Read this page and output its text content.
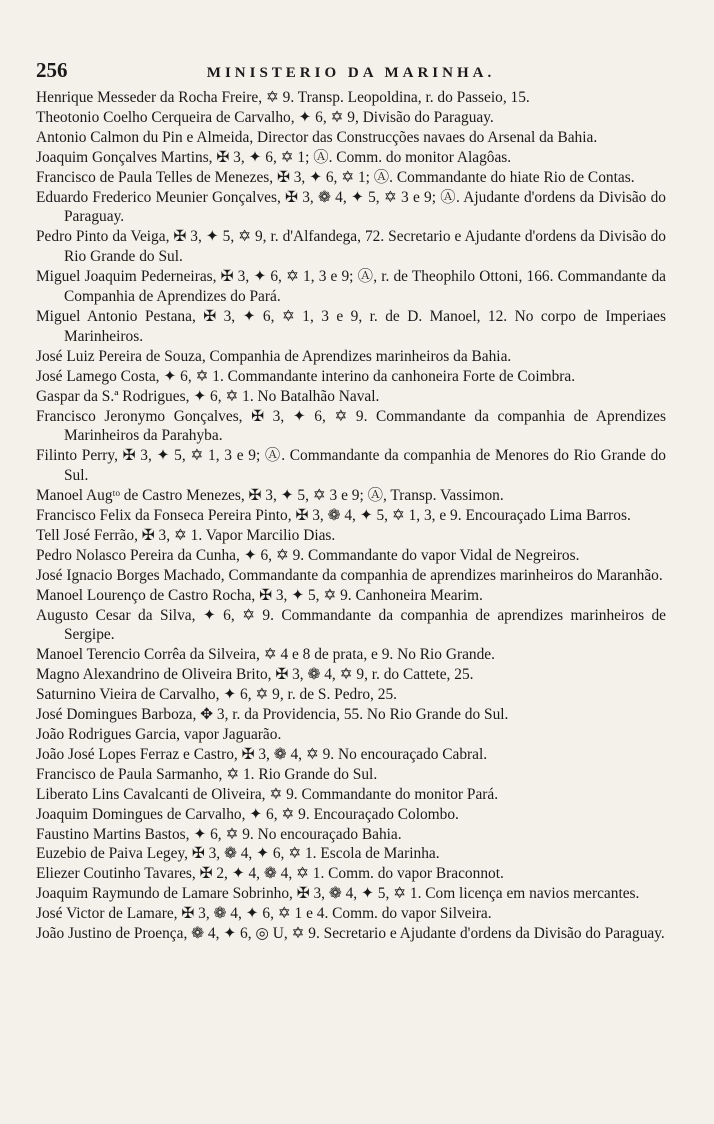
256	MINISTERIO DA MARINHA.
Henrique Messeder da Rocha Freire, ✡ 9. Transp. Leopoldina, r. do Passeio, 15.
Theotonio Coelho Cerqueira de Carvalho, ✦ 6, ✡ 9, Divisão do Paraguay.
Antonio Calmon du Pin e Almeida, Director das Construcções navaes do Arsenal da Bahia.
Joaquim Gonçalves Martins, ✠ 3, ✦ 6, ✡ 1; Ⓐ. Comm. do monitor Alagôas.
Francisco de Paula Telles de Menezes, ✠ 3, ✦ 6, ✡ 1; Ⓐ. Commandante do hiate Rio de Contas.
Eduardo Frederico Meunier Gonçalves, ✠ 3, ❁ 4, ✦ 5, ✡ 3 e 9; Ⓐ. Ajudante d'ordens da Divisão do Paraguay.
Pedro Pinto da Veiga, ✠ 3, ✦ 5, ✡ 9, r. d'Alfandega, 72. Secretario e Ajudante d'ordens da Divisão do Rio Grande do Sul.
Miguel Joaquim Pederneiras, ✠ 3, ✦ 6, ✡ 1, 3 e 9; Ⓐ, r. de Theophilo Ottoni, 166. Commandante da Companhia de Aprendizes do Pará.
Miguel Antonio Pestana, ✠ 3, ✦ 6, ✡ 1, 3 e 9, r. de D. Manoel, 12. No corpo de Imperiaes Marinheiros.
José Luiz Pereira de Souza, Companhia de Aprendizes marinheiros da Bahia.
José Lamego Costa, ✦ 6, ✡ 1. Commandante interino da canhoneira Forte de Coimbra.
Gaspar da S.ª Rodrigues, ✦ 6, ✡ 1. No Batalhão Naval.
Francisco Jeronymo Gonçalves, ✠ 3, ✦ 6, ✡ 9. Commandante da companhia de Aprendizes Marinheiros da Parahyba.
Filinto Perry, ✠ 3, ✦ 5, ✡ 1, 3 e 9; Ⓐ. Commandante da companhia de Menores do Rio Grande do Sul.
Manoel Augᵗᵒ de Castro Menezes, ✠ 3, ✦ 5, ✡ 3 e 9; Ⓐ, Transp. Vassimon.
Francisco Felix da Fonseca Pereira Pinto, ✠ 3, ❁ 4, ✦ 5, ✡ 1, 3, e 9. Encouraçado Lima Barros.
Tell José Ferrão, ✠ 3, ✡ 1. Vapor Marcilio Dias.
Pedro Nolasco Pereira da Cunha, ✦ 6, ✡ 9. Commandante do vapor Vidal de Negreiros.
José Ignacio Borges Machado, Commandante da companhia de aprendizes marinheiros do Maranhão.
Manoel Lourenço de Castro Rocha, ✠ 3, ✦ 5, ✡ 9. Canhoneira Mearim.
Augusto Cesar da Silva, ✦ 6, ✡ 9. Commandante da companhia de aprendizes marinheiros de Sergipe.
Manoel Terencio Corrêa da Silveira, ✡ 4 e 8 de prata, e 9. No Rio Grande.
Magno Alexandrino de Oliveira Brito, ✠ 3, ❁ 4, ✡ 9, r. do Cattete, 25.
Saturnino Vieira de Carvalho, ✦ 6, ✡ 9, r. de S. Pedro, 25.
José Domingues Barboza, ✥ 3, r. da Providencia, 55. No Rio Grande do Sul.
João Rodrigues Garcia, vapor Jaguarão.
João José Lopes Ferraz e Castro, ✠ 3, ❁ 4, ✡ 9. No encouraçado Cabral.
Francisco de Paula Sarmanho, ✡ 1. Rio Grande do Sul.
Liberato Lins Cavalcanti de Oliveira, ✡ 9. Commandante do monitor Pará.
Joaquim Domingues de Carvalho, ✦ 6, ✡ 9. Encouraçado Colombo.
Faustino Martins Bastos, ✦ 6, ✡ 9. No encouraçado Bahia.
Euzebio de Paiva Legey, ✠ 3, ❁ 4, ✦ 6, ✡ 1. Escola de Marinha.
Eliezer Coutinho Tavares, ✠ 2, ✦ 4, ❁ 4, ✡ 1. Comm. do vapor Braconnot.
Joaquim Raymundo de Lamare Sobrinho, ✠ 3, ❁ 4, ✦ 5, ✡ 1. Com licença em navios mercantes.
José Victor de Lamare, ✠ 3, ❁ 4, ✦ 6, ✡ 1 e 4. Comm. do vapor Silveira.
João Justino de Proença, ❁ 4, ✦ 6, ◎ U, ✡ 9. Secretario e Ajudante d'ordens da Divisão do Paraguay.
